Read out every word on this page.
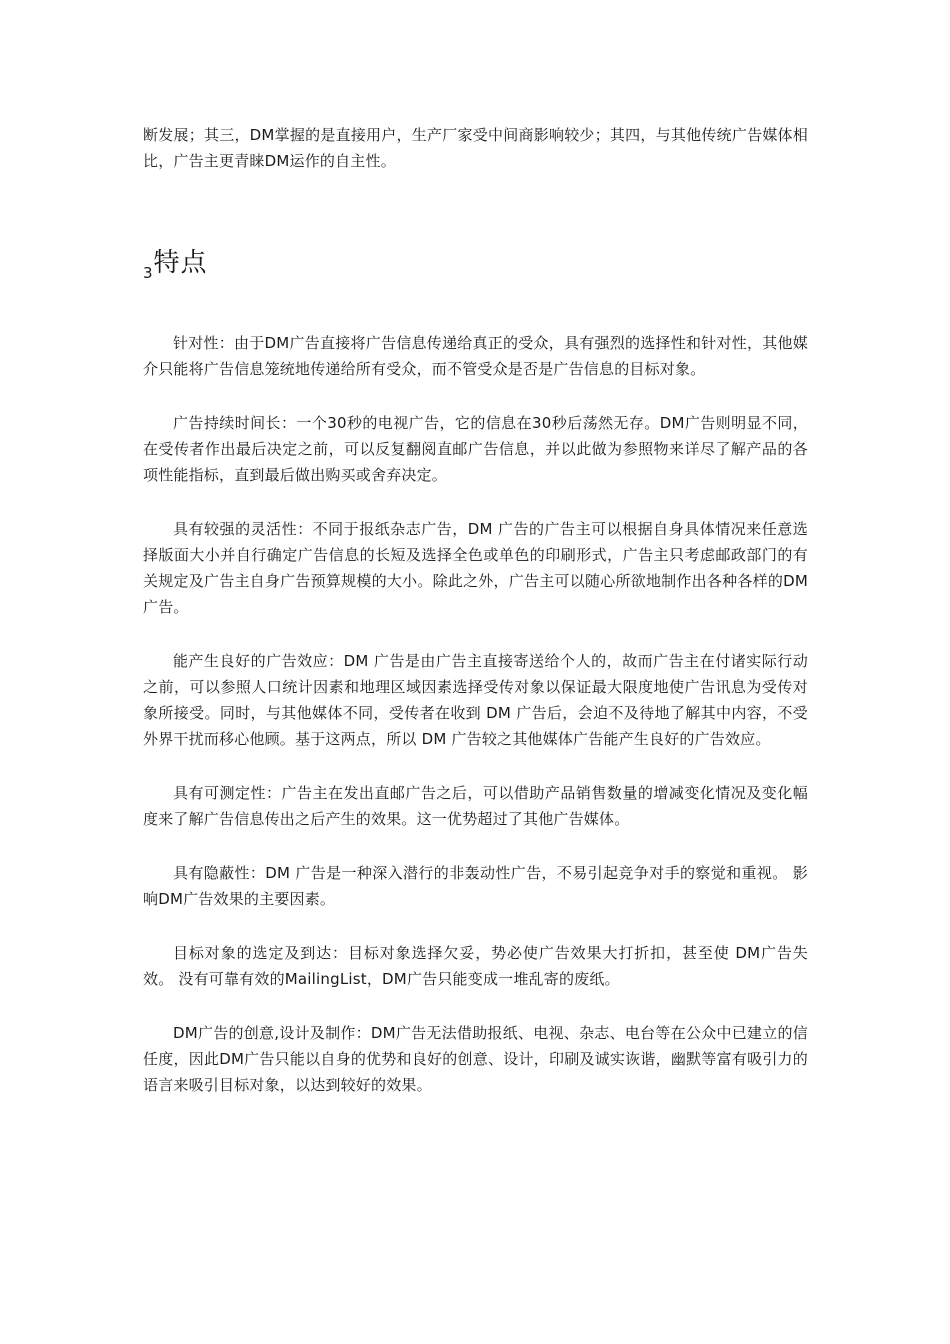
断发展；其三，DM掌握的是直接用户，生产厂家受中间商影响较少；其四，与其他传统广告媒体相比，广告主更青睐DM运作的自主性。

3 特点

针对性：由于DM广告直接将广告信息传递给真正的受众，具有强烈的选择性和针对性，其他媒介只能将广告信息笼统地传递给所有受众，而不管受众是否是广告信息的目标对象。

广告持续时间长：一个30秒的电视广告，它的信息在30秒后荡然无存。DM广告则明显不同，在受传者作出最后决定之前，可以反复翻阅直邮广告信息，并以此做为参照物来详尽了解产品的各项性能指标，直到最后做出购买或舍弃决定。

具有较强的灵活性：不同于报纸杂志广告，DM 广告的广告主可以根据自身具体情况来任意选择版面大小并自行确定广告信息的长短及选择全色或单色的印刷形式，广告主只考虑邮政部门的有关规定及广告主自身广告预算规模的大小。除此之外，广告主可以随心所欲地制作出各种各样的DM广告。

能产生良好的广告效应：DM 广告是由广告主直接寄送给个人的，故而广告主在付诸实际行动之前，可以参照人口统计因素和地理区域因素选择受传对象以保证最大限度地使广告讯息为受传对象所接受。同时，与其他媒体不同，受传者在收到 DM 广告后，会迫不及待地了解其中内容，不受外界干扰而移心他顾。基于这两点，所以 DM 广告较之其他媒体广告能产生良好的广告效应。

具有可测定性：广告主在发出直邮广告之后，可以借助产品销售数量的增减变化情况及变化幅度来了解广告信息传出之后产生的效果。这一优势超过了其他广告媒体。

具有隐蔽性：DM 广告是一种深入潜行的非轰动性广告，不易引起竞争对手的察觉和重视。 影响DM广告效果的主要因素。

目标对象的选定及到达：目标对象选择欠妥，势必使广告效果大打折扣，甚至使 DM广告失效。 没有可靠有效的MailingList，DM广告只能变成一堆乱寄的废纸。

DM广告的创意,设计及制作：DM广告无法借助报纸、电视、杂志、电台等在公众中已建立的信任度，因此DM广告只能以自身的优势和良好的创意、设计，印刷及诚实诙谐，幽默等富有吸引力的语言来吸引目标对象，以达到较好的效果。
